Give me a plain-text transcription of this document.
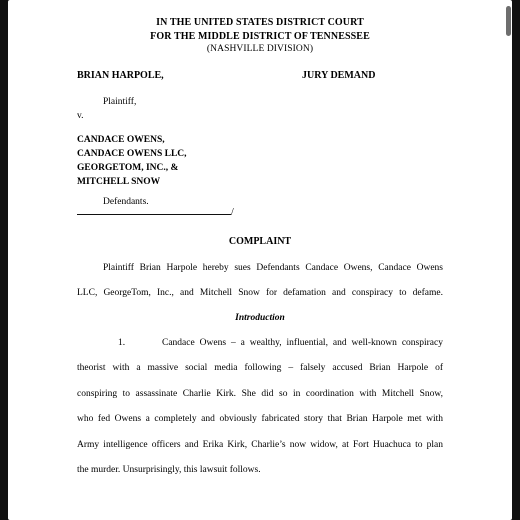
IN THE UNITED STATES DISTRICT COURT
FOR THE MIDDLE DISTRICT OF TENNESSEE
(NASHVILLE DIVISION)
BRIAN HARPOLE,	JURY DEMAND
Plaintiff,
v.
CANDACE OWENS,
CANDACE OWENS LLC,
GEORGETOM, INC., &
MITCHELL SNOW
Defendants.
/
COMPLAINT
Plaintiff Brian Harpole hereby sues Defendants Candace Owens, Candace Owens
LLC, GeorgeTom, Inc., and Mitchell Snow for defamation and conspiracy to defame.
Introduction
1.	Candace Owens – a wealthy, influential, and well-known conspiracy
theorist with a massive social media following – falsely accused Brian Harpole of
conspiring to assassinate Charlie Kirk. She did so in coordination with Mitchell Snow,
who fed Owens a completely and obviously fabricated story that Brian Harpole met with
Army intelligence officers and Erika Kirk, Charlie’s now widow, at Fort Huachuca to plan
the murder. Unsurprisingly, this lawsuit follows.
